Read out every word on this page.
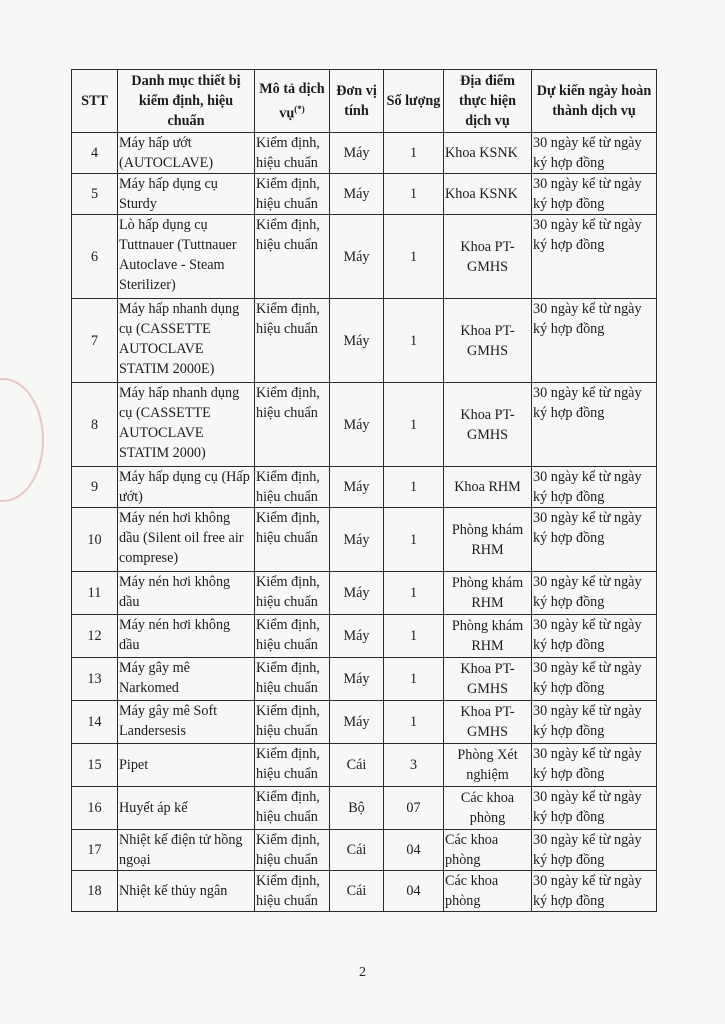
STT	Danh mục thiết bị kiểm định, hiệu chuẩn	Mô tả dịch vụ(*)	Đơn vị tính	Số lượng	Địa điểm thực hiện dịch vụ	Dự kiến ngày hoàn thành dịch vụ
4	Máy hấp ướt (AUTOCLAVE)	Kiểm định, hiệu chuẩn	Máy	1	Khoa KSNK	30 ngày kể từ ngày ký hợp đồng
5	Máy hấp dụng cụ Sturdy	Kiểm định, hiệu chuẩn	Máy	1	Khoa KSNK	30 ngày kể từ ngày ký hợp đồng
6	Lò hấp dụng cụ Tuttnauer (Tuttnauer Autoclave - Steam Sterilizer)	Kiểm định, hiệu chuẩn	Máy	1	Khoa PT-GMHS	30 ngày kể từ ngày ký hợp đồng
7	Máy hấp nhanh dụng cụ (CASSETTE AUTOCLAVE STATIM 2000E)	Kiểm định, hiệu chuẩn	Máy	1	Khoa PT-GMHS	30 ngày kể từ ngày ký hợp đồng
8	Máy hấp nhanh dụng cụ (CASSETTE AUTOCLAVE STATIM 2000)	Kiểm định, hiệu chuẩn	Máy	1	Khoa PT-GMHS	30 ngày kể từ ngày ký hợp đồng
9	Máy hấp dụng cụ (Hấp ướt)	Kiểm định, hiệu chuẩn	Máy	1	Khoa RHM	30 ngày kể từ ngày ký hợp đồng
10	Máy nén hơi không dầu (Silent oil free air comprese)	Kiểm định, hiệu chuẩn	Máy	1	Phòng khám RHM	30 ngày kể từ ngày ký hợp đồng
11	Máy nén hơi không dầu	Kiểm định, hiệu chuẩn	Máy	1	Phòng khám RHM	30 ngày kể từ ngày ký hợp đồng
12	Máy nén hơi không dầu	Kiểm định, hiệu chuẩn	Máy	1	Phòng khám RHM	30 ngày kể từ ngày ký hợp đồng
13	Máy gây mê Narkomed	Kiểm định, hiệu chuẩn	Máy	1	Khoa PT-GMHS	30 ngày kể từ ngày ký hợp đồng
14	Máy gây mê Soft Landersesis	Kiểm định, hiệu chuẩn	Máy	1	Khoa PT-GMHS	30 ngày kể từ ngày ký hợp đồng
15	Pipet	Kiểm định, hiệu chuẩn	Cái	3	Phòng Xét nghiệm	30 ngày kể từ ngày ký hợp đồng
16	Huyết áp kế	Kiểm định, hiệu chuẩn	Bộ	07	Các khoa phòng	30 ngày kể từ ngày ký hợp đồng
17	Nhiệt kế điện tử hồng ngoại	Kiểm định, hiệu chuẩn	Cái	04	Các khoa phòng	30 ngày kể từ ngày ký hợp đồng
18	Nhiệt kế thủy ngân	Kiểm định, hiệu chuẩn	Cái	04	Các khoa phòng	30 ngày kể từ ngày ký hợp đồng
2
